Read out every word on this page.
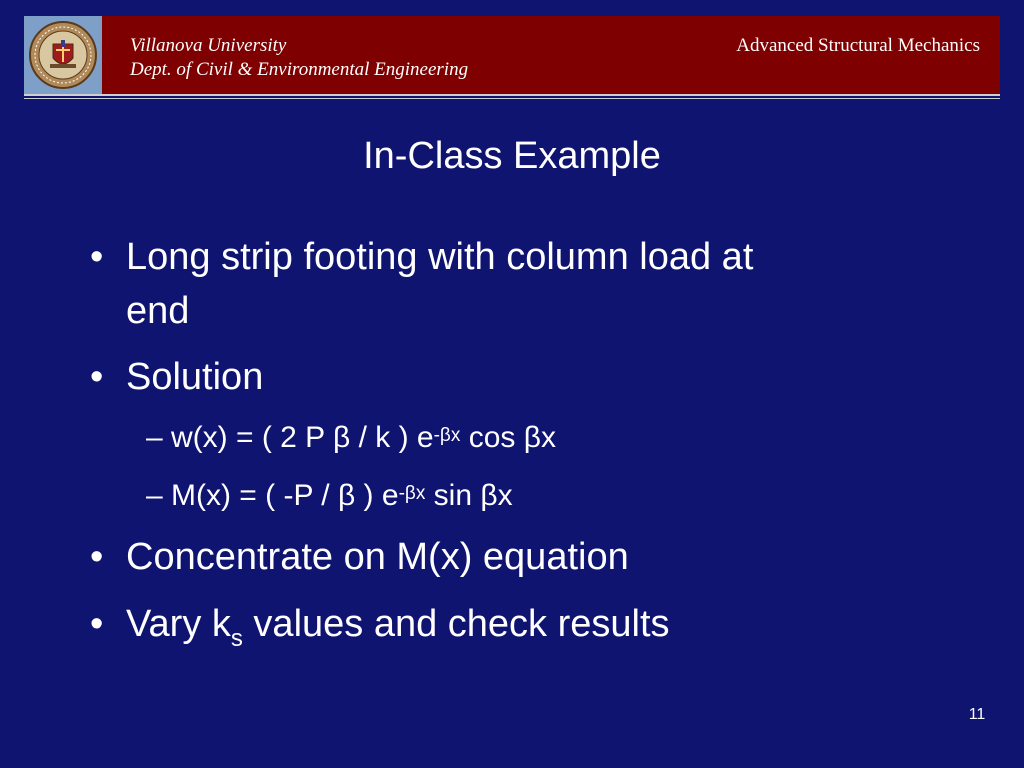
Villanova University
Dept. of Civil & Environmental Engineering
Advanced Structural Mechanics
In-Class Example
• Long strip footing with column load at
end
• Solution
– w(x) = ( 2 P β / k ) $e^{-\beta x}$ cos βx
– M(x) = ( -P / β ) $e^{-\beta x}$ sin βx
• Concentrate on M(x) equation
• Vary $k_s$ values and check results
11
